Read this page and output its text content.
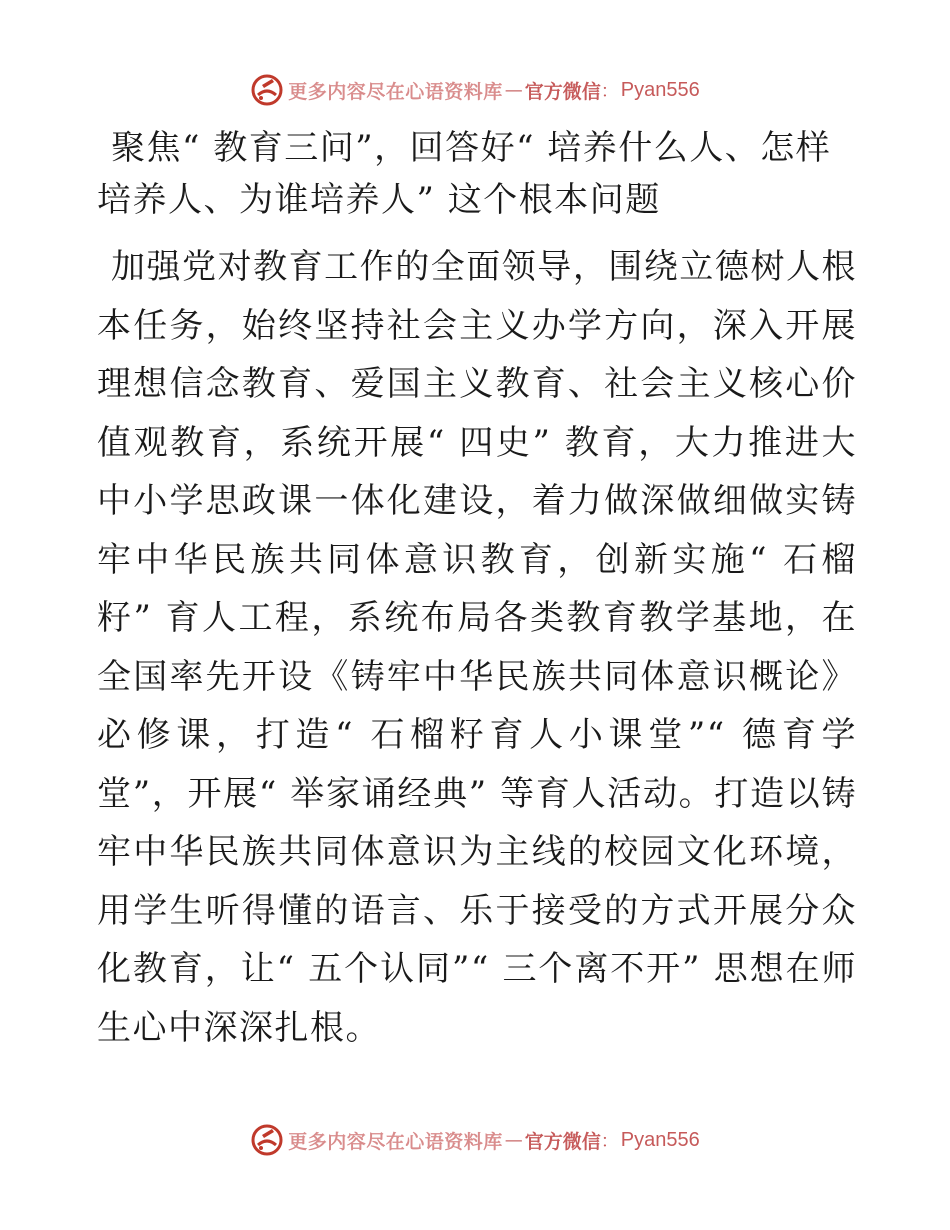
更多内容尽在心语资料库 — 官方微信 ： Pyan556
聚焦“ 教育三问”，回答好“ 培养什么人、怎样培养人、为谁培养人” 这个根本问题

加强党对教育工作的全面领导，围绕立德树人根本任务，始终坚持社会主义办学方向，深入开展理想信念教育、爱国主义教育、社会主义核心价值观教育，系统开展“ 四史” 教育，大力推进大中小学思政课一体化建设，着力做深做细做实铸牢中华民族共同体意识教育，创新实施“ 石榴籽” 育人工程，系统布局各类教育教学基地，在全国率先开设《铸牢中华民族共同体意识概论》必修课，打造“ 石榴籽育人小课堂”“ 德育学堂”，开展“ 举家诵经典” 等育人活动。打造以铸牢中华民族共同体意识为主线的校园文化环境，用学生听得懂的语言、乐于接受的方式开展分众化教育，让“ 五个认同”“ 三个离不开” 思想在师生心中深深扎根。

更多内容尽在心语资料库 — 官方微信 ： Pyan556
